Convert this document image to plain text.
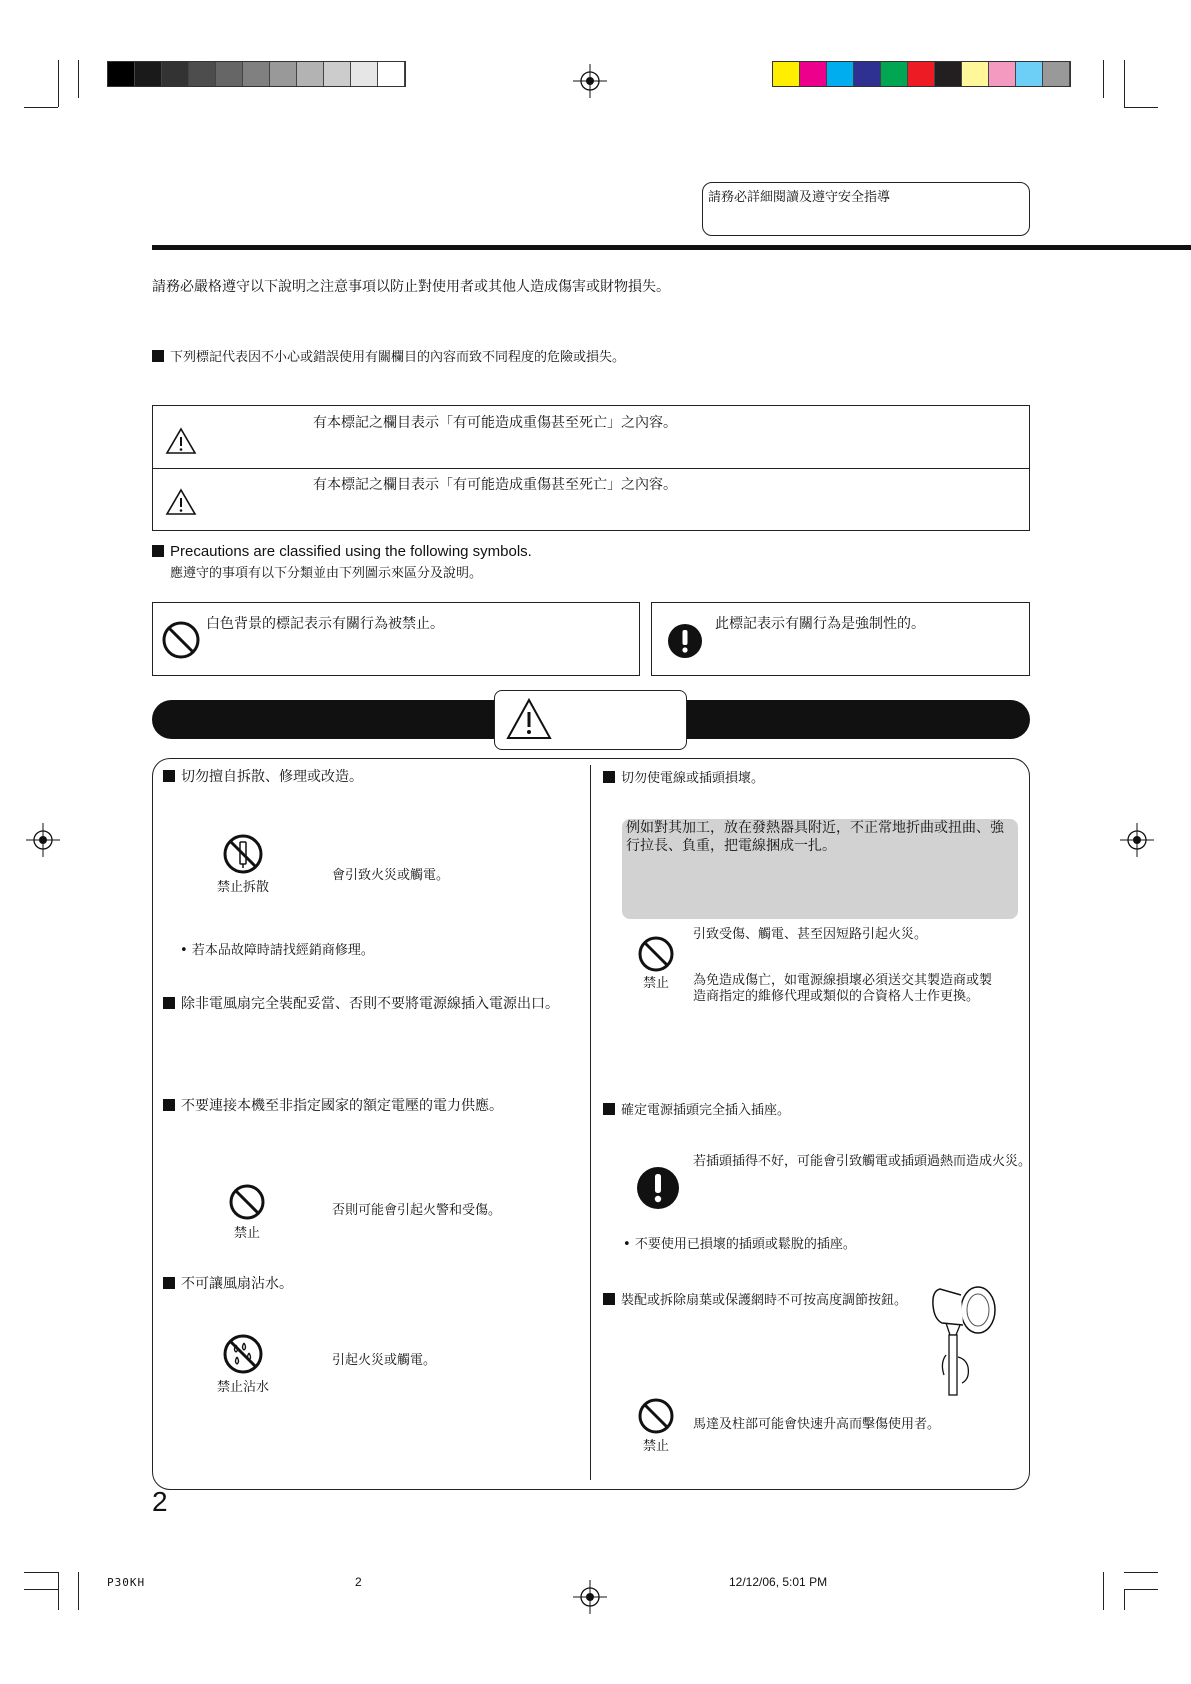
請務必詳細閱讀及遵守安全指導
請務必嚴格遵守以下說明之注意事項以防止對使用者或其他人造成傷害或財物損失。
下列標記代表因不小心或錯誤使用有關欄目的內容而致不同程度的危險或損失。
有本標記之欄目表示「有可能造成重傷甚至死亡」之內容。
有本標記之欄目表示「有可能造成重傷甚至死亡」之內容。
Precautions are classified using the following symbols.
應遵守的事項有以下分類並由下列圖示來區分及說明。
白色背景的標記表示有關行為被禁止。	此標記表示有關行為是強制性的。
切勿擅自拆散、修理或改造。
禁止拆散
會引致火災或觸電。
• 若本品故障時請找經銷商修理。
除非電風扇完全裝配妥當、否則不要將電源線插入電源出口。
不要連接本機至非指定國家的額定電壓的電力供應。
禁止
否則可能會引起火警和受傷。
不可讓風扇沾水。
禁止沾水
引起火災或觸電。
切勿使電線或插頭損壞。
例如對其加工，放在發熱器具附近，不正常地折曲或扭曲、強行拉長、負重，把電線捆成一扎。
引致受傷、觸電、甚至因短路引起火災。
禁止	為免造成傷亡，如電源線損壞必須送交其製造商或製造商指定的維修代理或類似的合資格人士作更換。
確定電源插頭完全插入插座。
若插頭插得不好，可能會引致觸電或插頭過熱而造成火災。
• 不要使用已損壞的插頭或鬆脫的插座。
裝配或拆除扇葉或保護網時不可按高度調節按鈕。
禁止
馬達及柱部可能會快速升高而擊傷使用者。
2
P30KH	2	12/12/06, 5:01 PM
